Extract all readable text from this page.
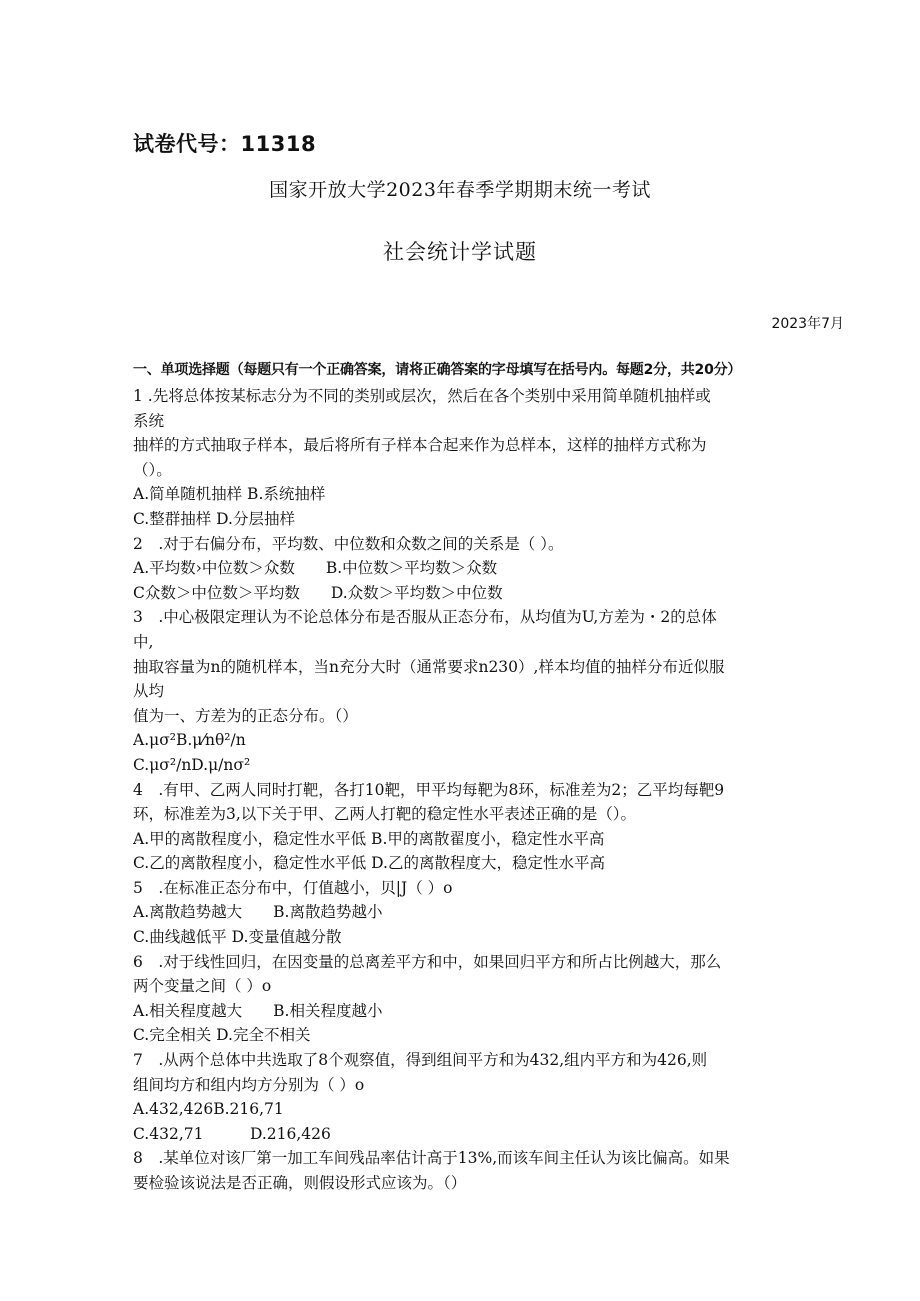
试卷代号：11318
国家开放大学2023年春季学期期末统一考试
社会统计学试题
2023年7月
一、单项选择题（每题只有一个正确答案，请将正确答案的字母填写在括号内。每题2分，共20分）
1 .先将总体按某标志分为不同的类别或层次，然后在各个类别中采用简单随机抽样或
系统
抽样的方式抽取子样本，最后将所有子样本合起来作为总样本，这样的抽样方式称为
（）。
A.简单随机抽样 B.系统抽样
C.整群抽样 D.分层抽样
2　.对于右偏分布，平均数、中位数和众数之间的关系是（ ）。
A.平均数›中位数＞众数　　B.中位数＞平均数＞众数
C众数＞中位数＞平均数　　D.众数＞平均数＞中位数
3　.中心极限定理认为不论总体分布是否服从正态分布，从均值为U,方差为・2的总体
中,
抽取容量为n的随机样本，当n充分大时（通常要求n230）,样本均值的抽样分布近似服
从均
值为一、方差为的正态分布。（）
A.μσ²B.μ⁄nθ²/n
C.μσ²/nD.μ/nσ²
4　.有甲、乙两人同时打靶，各打10靶，甲平均每靶为8环，标准差为2；乙平均每靶9
环，标准差为3,以下关于甲、乙两人打靶的稳定性水平表述正确的是（）。
A.甲的离散程度小，稳定性水平低 B.甲的离散翟度小，稳定性水平高
C.乙的离散程度小，稳定性水平低 D.乙的离散程度大，稳定性水平高
5　.在标准正态分布中，仃值越小，贝|J（ ）o
A.离散趋势越大　　B.离散趋势越小
C.曲线越低平 D.变量值越分散
6　.对于线性回归，在因变量的总离差平方和中，如果回归平方和所占比例越大，那么
两个变量之间（ ）o
A.相关程度越大　　B.相关程度越小
C.完全相关 D.完全不相关
7　.从两个总体中共选取了8个观察值，得到组间平方和为432,组内平方和为426,则
组间均方和组内均方分别为（ ）o
A.432,426B.216,71
C.432,71　　　D.216,426
8　.某单位对该厂第一加工车间残品率估计高于13%,而该车间主任认为该比偏高。如果
要检验该说法是否正确，则假设形式应该为。（）
